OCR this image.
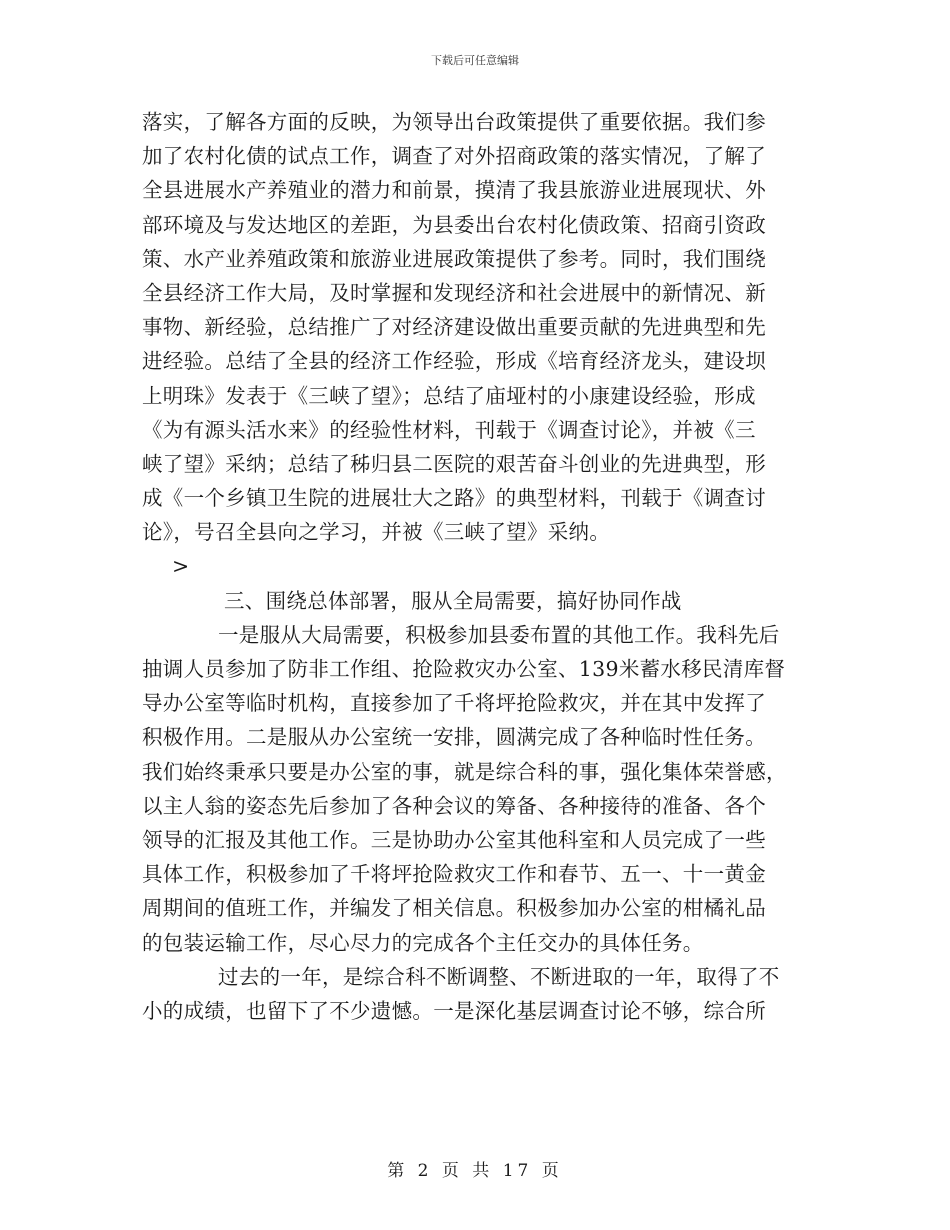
下载后可任意编辑
落实，了解各方面的反映，为领导出台政策提供了重要依据。我们参
加了农村化债的试点工作，调查了对外招商政策的落实情况，了解了
全县进展水产养殖业的潜力和前景，摸清了我县旅游业进展现状、外
部环境及与发达地区的差距，为县委出台农村化债政策、招商引资政
策、水产业养殖政策和旅游业进展政策提供了参考。同时，我们围绕
全县经济工作大局，及时掌握和发现经济和社会进展中的新情况、新
事物、新经验，总结推广了对经济建设做出重要贡献的先进典型和先
进经验。总结了全县的经济工作经验，形成《培育经济龙头，建设坝
上明珠》发表于《三峡了望》；总结了庙垭村的小康建设经验，形成
《为有源头活水来》的经验性材料，刊载于《调查讨论》，并被《三
峡了望》采纳；总结了秭归县二医院的艰苦奋斗创业的先进典型，形
成《一个乡镇卫生院的进展壮大之路》的典型材料，刊载于《调查讨
论》，号召全县向之学习，并被《三峡了望》采纳。
>
三、围绕总体部署，服从全局需要，搞好协同作战
一是服从大局需要，积极参加县委布置的其他工作。我科先后
抽调人员参加了防非工作组、抢险救灾办公室、139米蓄水移民清库督
导办公室等临时机构，直接参加了千将坪抢险救灾，并在其中发挥了
积极作用。二是服从办公室统一安排，圆满完成了各种临时性任务。
我们始终秉承只要是办公室的事，就是综合科的事，强化集体荣誉感，
以主人翁的姿态先后参加了各种会议的筹备、各种接待的准备、各个
领导的汇报及其他工作。三是协助办公室其他科室和人员完成了一些
具体工作，积极参加了千将坪抢险救灾工作和春节、五一、十一黄金
周期间的值班工作，并编发了相关信息。积极参加办公室的柑橘礼品
的包装运输工作，尽心尽力的完成各个主任交办的具体任务。
过去的一年，是综合科不断调整、不断进取的一年，取得了不
小的成绩，也留下了不少遗憾。一是深化基层调查讨论不够，综合所
第 2 页 共 17 页
